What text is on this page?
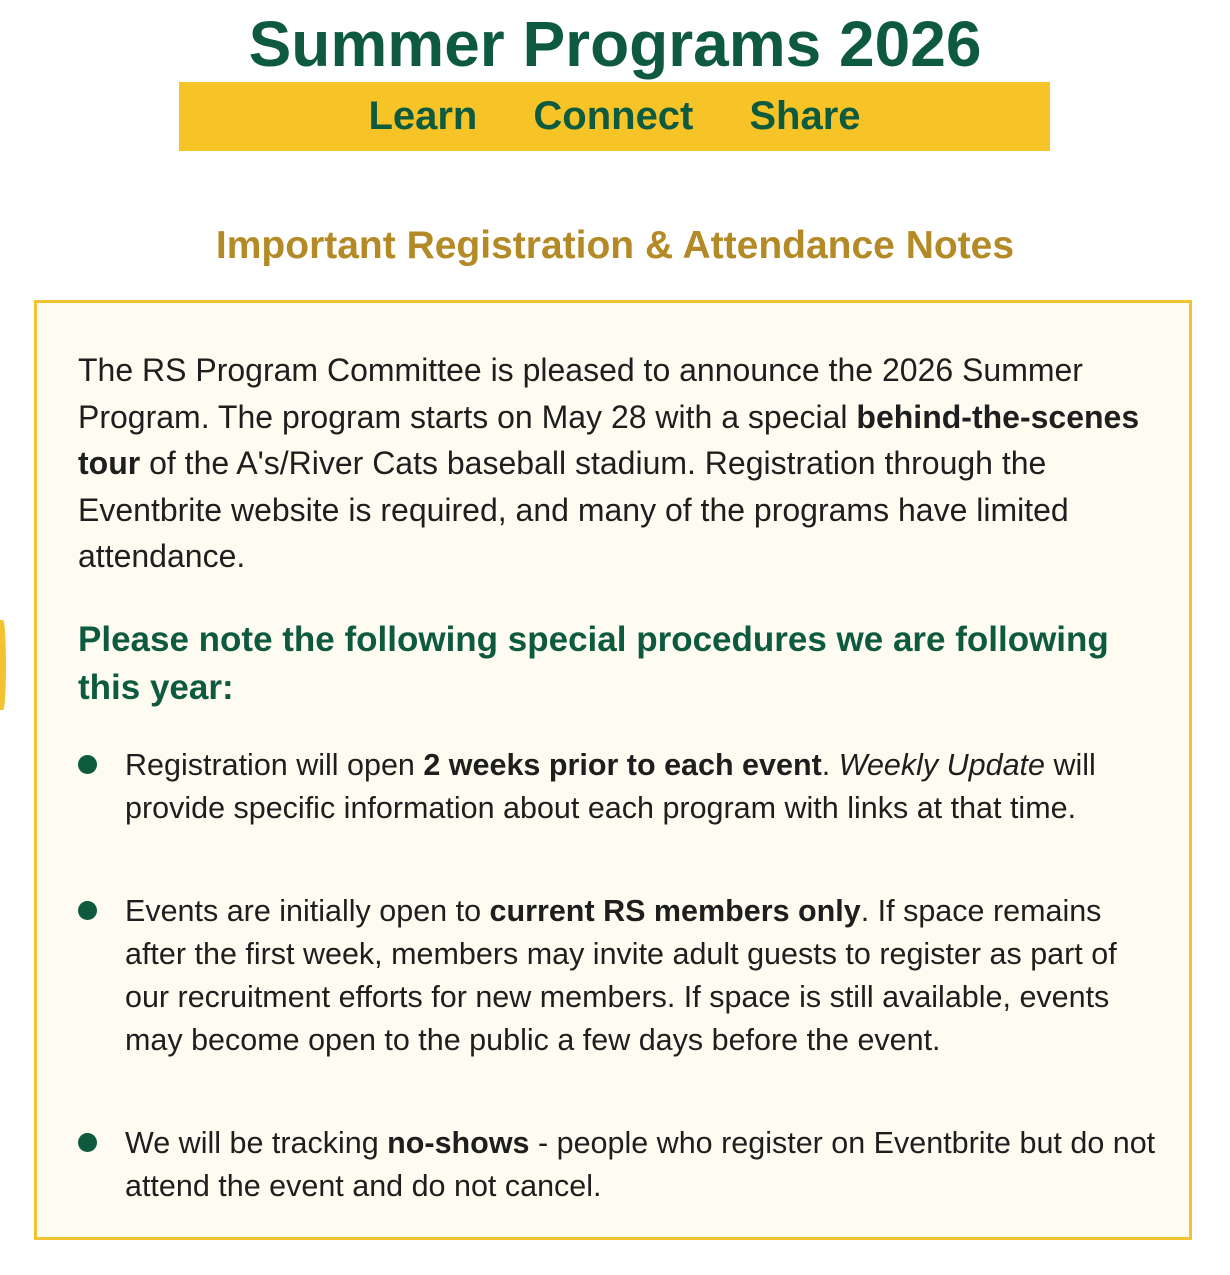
Summer Programs 2026
Learn Connect Share
Important Registration & Attendance Notes

The RS Program Committee is pleased to announce the 2026 Summer Program. The program starts on May 28 with a special behind-the-scenes tour of the A's/River Cats baseball stadium. Registration through the Eventbrite website is required, and many of the programs have limited attendance.

Please note the following special procedures we are following this year:
Registration will open 2 weeks prior to each event. Weekly Update will provide specific information about each program with links at that time.
Events are initially open to current RS members only. If space remains after the first week, members may invite adult guests to register as part of our recruitment efforts for new members. If space is still available, events may become open to the public a few days before the event.
We will be tracking no-shows - people who register on Eventbrite but do not attend the event and do not cancel.
